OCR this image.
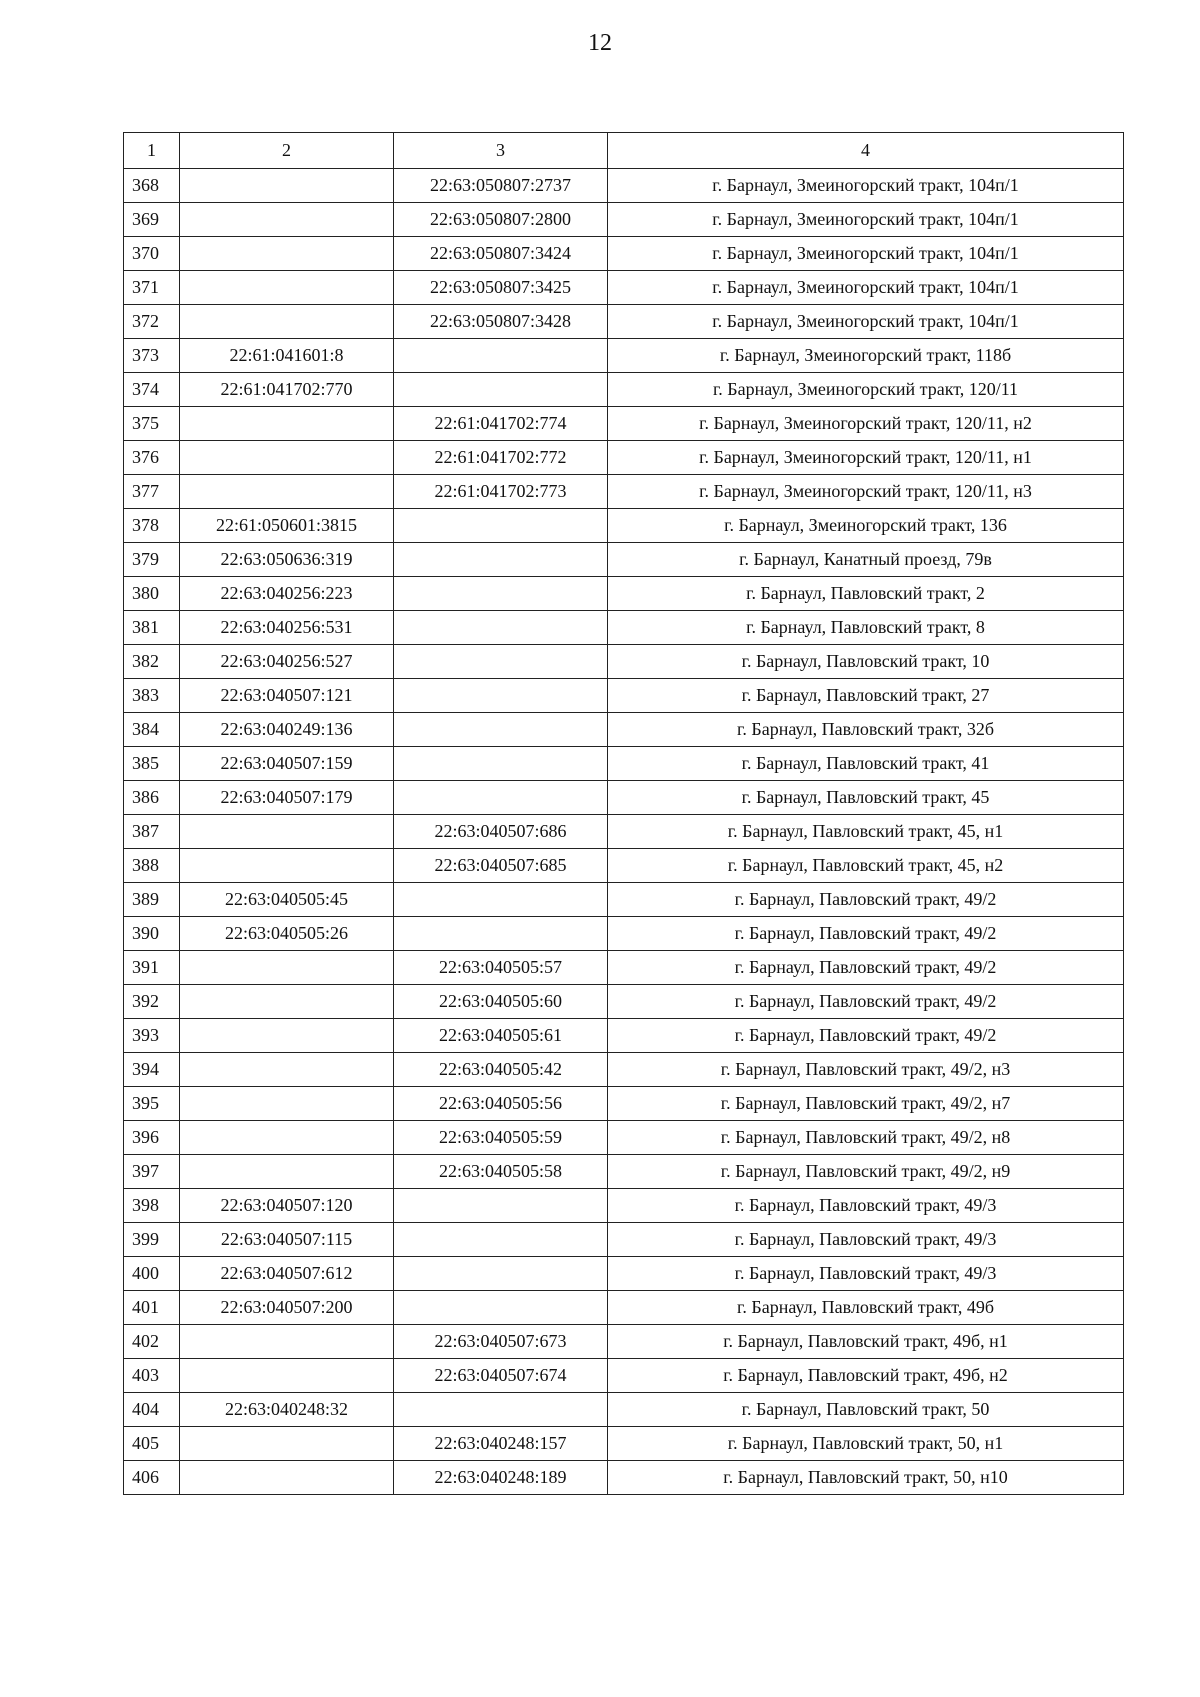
12
1	2	3	4
368		22:63:050807:2737	г. Барнаул, Змеиногорский тракт, 104п/1
369		22:63:050807:2800	г. Барнаул, Змеиногорский тракт, 104п/1
370		22:63:050807:3424	г. Барнаул, Змеиногорский тракт, 104п/1
371		22:63:050807:3425	г. Барнаул, Змеиногорский тракт, 104п/1
372		22:63:050807:3428	г. Барнаул, Змеиногорский тракт, 104п/1
373	22:61:041601:8		г. Барнаул, Змеиногорский тракт, 118б
374	22:61:041702:770		г. Барнаул, Змеиногорский тракт, 120/11
375		22:61:041702:774	г. Барнаул, Змеиногорский тракт, 120/11, н2
376		22:61:041702:772	г. Барнаул, Змеиногорский тракт, 120/11, н1
377		22:61:041702:773	г. Барнаул, Змеиногорский тракт, 120/11, н3
378	22:61:050601:3815		г. Барнаул, Змеиногорский тракт, 136
379	22:63:050636:319		г. Барнаул, Канатный проезд, 79в
380	22:63:040256:223		г. Барнаул, Павловский тракт, 2
381	22:63:040256:531		г. Барнаул, Павловский тракт, 8
382	22:63:040256:527		г. Барнаул, Павловский тракт, 10
383	22:63:040507:121		г. Барнаул, Павловский тракт, 27
384	22:63:040249:136		г. Барнаул, Павловский тракт, 32б
385	22:63:040507:159		г. Барнаул, Павловский тракт, 41
386	22:63:040507:179		г. Барнаул, Павловский тракт, 45
387		22:63:040507:686	г. Барнаул, Павловский тракт, 45, н1
388		22:63:040507:685	г. Барнаул, Павловский тракт, 45, н2
389	22:63:040505:45		г. Барнаул, Павловский тракт, 49/2
390	22:63:040505:26		г. Барнаул, Павловский тракт, 49/2
391		22:63:040505:57	г. Барнаул, Павловский тракт, 49/2
392		22:63:040505:60	г. Барнаул, Павловский тракт, 49/2
393		22:63:040505:61	г. Барнаул, Павловский тракт, 49/2
394		22:63:040505:42	г. Барнаул, Павловский тракт, 49/2, н3
395		22:63:040505:56	г. Барнаул, Павловский тракт, 49/2, н7
396		22:63:040505:59	г. Барнаул, Павловский тракт, 49/2, н8
397		22:63:040505:58	г. Барнаул, Павловский тракт, 49/2, н9
398	22:63:040507:120		г. Барнаул, Павловский тракт, 49/3
399	22:63:040507:115		г. Барнаул, Павловский тракт, 49/3
400	22:63:040507:612		г. Барнаул, Павловский тракт, 49/3
401	22:63:040507:200		г. Барнаул, Павловский тракт, 49б
402		22:63:040507:673	г. Барнаул, Павловский тракт, 49б, н1
403		22:63:040507:674	г. Барнаул, Павловский тракт, 49б, н2
404	22:63:040248:32		г. Барнаул, Павловский тракт, 50
405		22:63:040248:157	г. Барнаул, Павловский тракт, 50, н1
406		22:63:040248:189	г. Барнаул, Павловский тракт, 50, н10
